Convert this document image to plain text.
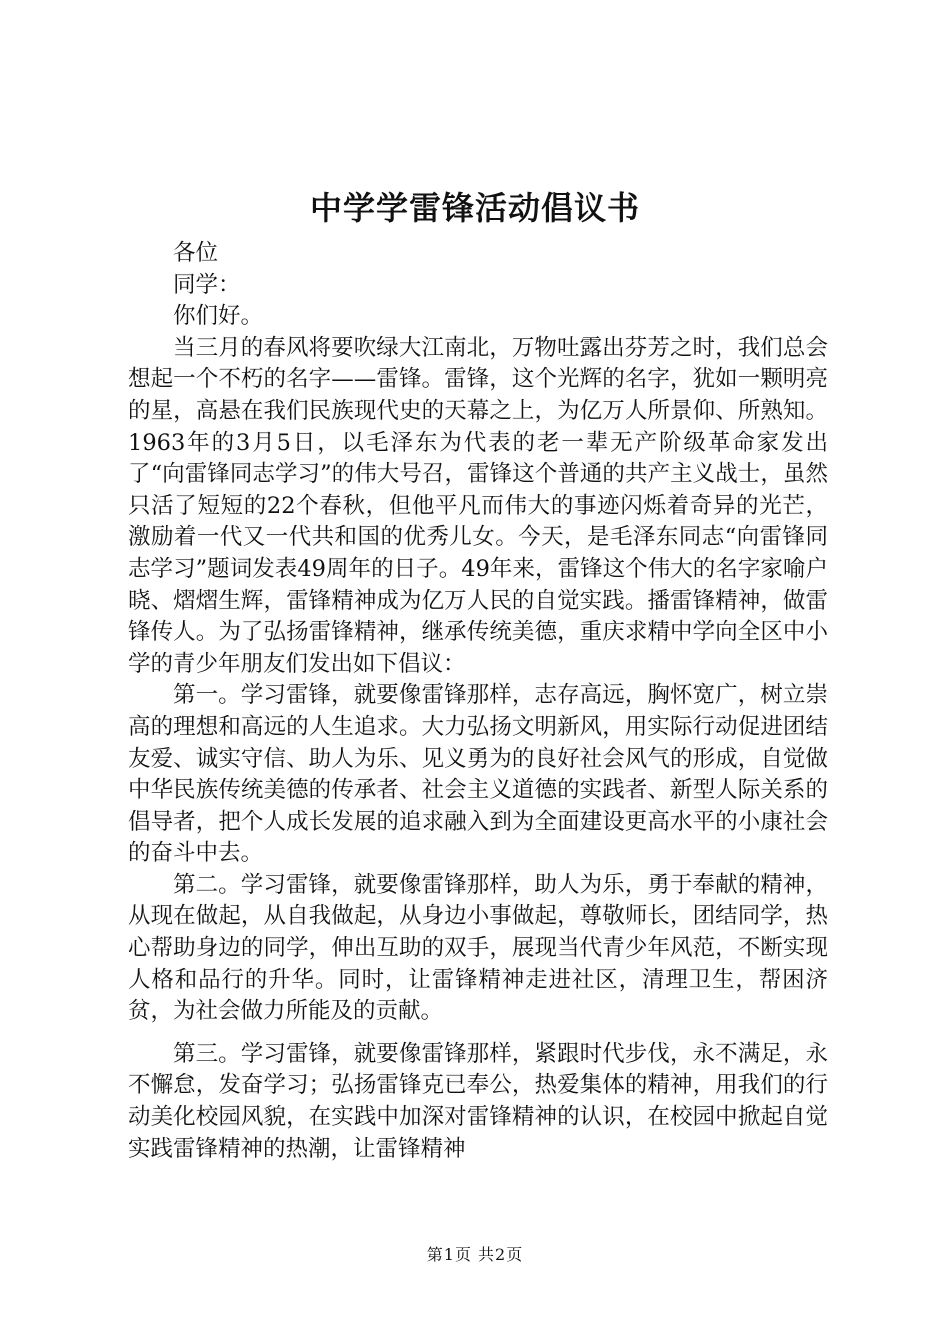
中学学雷锋活动倡议书

各位

同学：

你们好。

当三月的春风将要吹绿大江南北，万物吐露出芬芳之时，我们总会想起一个不朽的名字——雷锋。雷锋，这个光辉的名字，犹如一颗明亮的星，高悬在我们民族现代史的天幕之上，为亿万人所景仰、所熟知。1963年的3月5日，以毛泽东为代表的老一辈无产阶级革命家发出了“向雷锋同志学习”的伟大号召，雷锋这个普通的共产主义战士，虽然只活了短短的22个春秋，但他平凡而伟大的事迹闪烁着奇异的光芒，激励着一代又一代共和国的优秀儿女。今天，是毛泽东同志“向雷锋同志学习”题词发表49周年的日子。49年来，雷锋这个伟大的名字家喻户晓、熠熠生辉，雷锋精神成为亿万人民的自觉实践。播雷锋精神，做雷锋传人。为了弘扬雷锋精神，继承传统美德，重庆求精中学向全区中小学的青少年朋友们发出如下倡议：

第一。学习雷锋，就要像雷锋那样，志存高远，胸怀宽广，树立崇高的理想和高远的人生追求。大力弘扬文明新风，用实际行动促进团结友爱、诚实守信、助人为乐、见义勇为的良好社会风气的形成，自觉做中华民族传统美德的传承者、社会主义道德的实践者、新型人际关系的倡导者，把个人成长发展的追求融入到为全面建设更高水平的小康社会的奋斗中去。

第二。学习雷锋，就要像雷锋那样，助人为乐，勇于奉献的精神，从现在做起，从自我做起，从身边小事做起，尊敬师长，团结同学，热心帮助身边的同学，伸出互助的双手，展现当代青少年风范，不断实现人格和品行的升华。同时，让雷锋精神走进社区，清理卫生，帮困济贫，为社会做力所能及的贡献。

第三。学习雷锋，就要像雷锋那样，紧跟时代步伐，永不满足，永不懈怠，发奋学习；弘扬雷锋克已奉公，热爱集体的精神，用我们的行动美化校园风貌，在实践中加深对雷锋精神的认识，在校园中掀起自觉实践雷锋精神的热潮，让雷锋精神

第1页 共2页
